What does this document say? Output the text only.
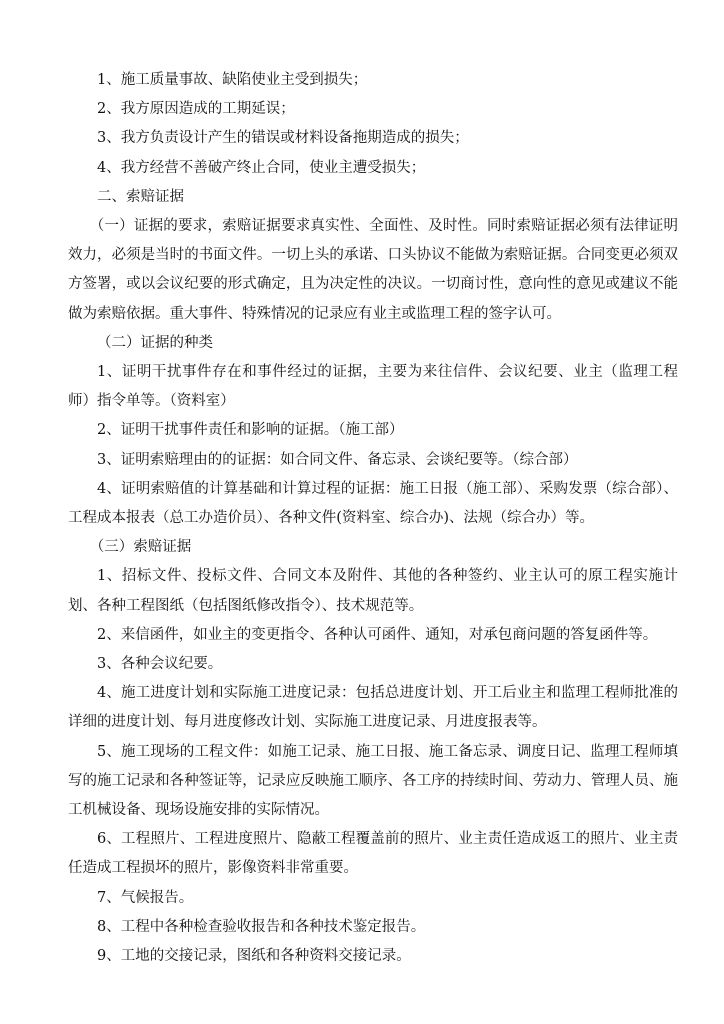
1、施工质量事故、缺陷使业主受到损失；

2、我方原因造成的工期延误；

3、我方负责设计产生的错误或材料设备拖期造成的损失；

4、我方经营不善破产终止合同，使业主遭受损失；

二、索赔证据

（一）证据的要求，索赔证据要求真实性、全面性、及时性。同时索赔证据必须有法律证明效力，必须是当时的书面文件。一切上头的承诺、口头协议不能做为索赔证据。合同变更必须双方签署，或以会议纪要的形式确定，且为决定性的决议。一切商讨性，意向性的意见或建议不能做为索赔依据。重大事件、特殊情况的记录应有业主或监理工程的签字认可。

（二）证据的种类

1、证明干扰事件存在和事件经过的证据，主要为来往信件、会议纪要、业主（监理工程师）指令单等。（资料室）

2、证明干扰事件责任和影响的证据。（施工部）

3、证明索赔理由的的证据：如合同文件、备忘录、会谈纪要等。（综合部）

4、证明索赔值的计算基础和计算过程的证据：施工日报（施工部）、采购发票（综合部）、工程成本报表（总工办造价员）、各种文件(资料室、综合办)、法规（综合办）等。

（三）索赔证据

1、招标文件、投标文件、合同文本及附件、其他的各种签约、业主认可的原工程实施计划、各种工程图纸（包括图纸修改指令）、技术规范等。

2、来信函件，如业主的变更指令、各种认可函件、通知，对承包商问题的答复函件等。

3、各种会议纪要。

4、施工进度计划和实际施工进度记录：包括总进度计划、开工后业主和监理工程师批准的详细的进度计划、每月进度修改计划、实际施工进度记录、月进度报表等。

5、施工现场的工程文件：如施工记录、施工日报、施工备忘录、调度日记、监理工程师填写的施工记录和各种签证等，记录应反映施工顺序、各工序的持续时间、劳动力、管理人员、施工机械设备、现场设施安排的实际情况。

6、工程照片、工程进度照片、隐蔽工程覆盖前的照片、业主责任造成返工的照片、业主责任造成工程损坏的照片，影像资料非常重要。

7、气候报告。

8、工程中各种检查验收报告和各种技术鉴定报告。

9、工地的交接记录，图纸和各种资料交接记录。
